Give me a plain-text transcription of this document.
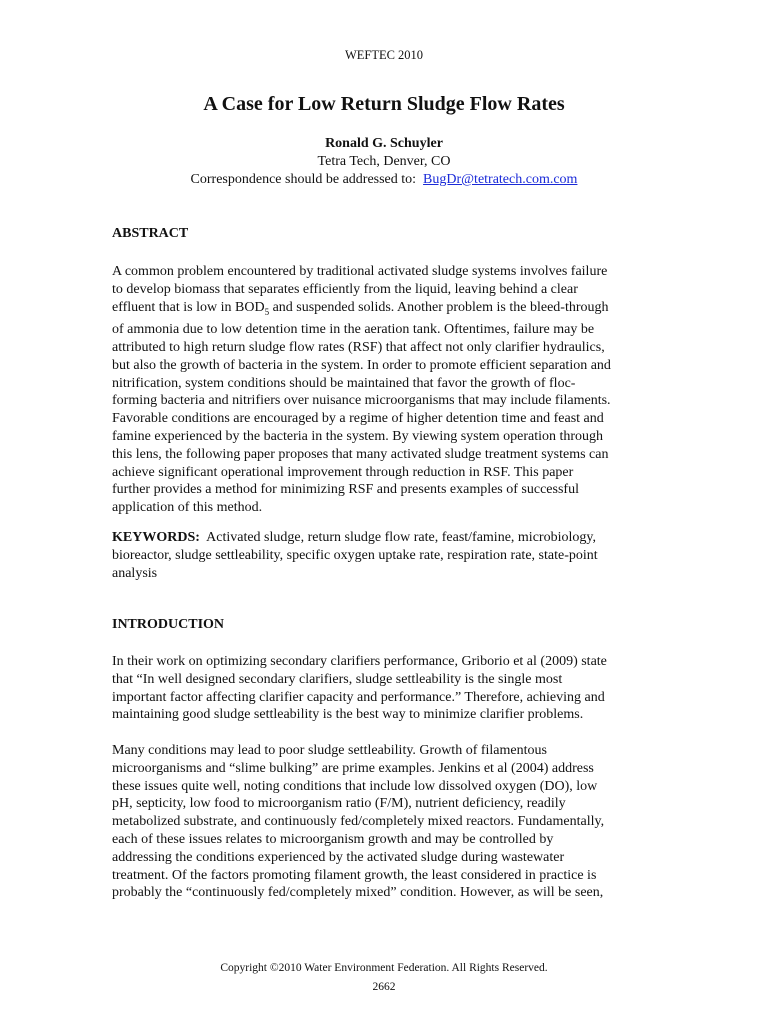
WEFTEC 2010
A Case for Low Return Sludge Flow Rates
Ronald G. Schuyler
Tetra Tech, Denver, CO
Correspondence should be addressed to: BugDr@tetratech.com.com
ABSTRACT
A common problem encountered by traditional activated sludge systems involves failure
to develop biomass that separates efficiently from the liquid, leaving behind a clear
effluent that is low in $BOD_5$ and suspended solids. Another problem is the bleed-through
of ammonia due to low detention time in the aeration tank. Oftentimes, failure may be
attributed to high return sludge flow rates (RSF) that affect not only clarifier hydraulics,
but also the growth of bacteria in the system. In order to promote efficient separation and
nitrification, system conditions should be maintained that favor the growth of floc-
forming bacteria and nitrifiers over nuisance microorganisms that may include filaments.
Favorable conditions are encouraged by a regime of higher detention time and feast and
famine experienced by the bacteria in the system. By viewing system operation through
this lens, the following paper proposes that many activated sludge treatment systems can
achieve significant operational improvement through reduction in RSF. This paper
further provides a method for minimizing RSF and presents examples of successful
application of this method.
KEYWORDS:  Activated sludge, return sludge flow rate, feast/famine, microbiology,
bioreactor, sludge settleability, specific oxygen uptake rate, respiration rate, state-point
analysis
INTRODUCTION
In their work on optimizing secondary clarifiers performance, Griborio et al (2009) state
that “In well designed secondary clarifiers, sludge settleability is the single most
important factor affecting clarifier capacity and performance.” Therefore, achieving and
maintaining good sludge settleability is the best way to minimize clarifier problems.
Many conditions may lead to poor sludge settleability. Growth of filamentous
microorganisms and “slime bulking” are prime examples. Jenkins et al (2004) address
these issues quite well, noting conditions that include low dissolved oxygen (DO), low
pH, septicity, low food to microorganism ratio (F/M), nutrient deficiency, readily
metabolized substrate, and continuously fed/completely mixed reactors. Fundamentally,
each of these issues relates to microorganism growth and may be controlled by
addressing the conditions experienced by the activated sludge during wastewater
treatment. Of the factors promoting filament growth, the least considered in practice is
probably the “continuously fed/completely mixed” condition. However, as will be seen,
Copyright ©2010 Water Environment Federation. All Rights Reserved.
2662
